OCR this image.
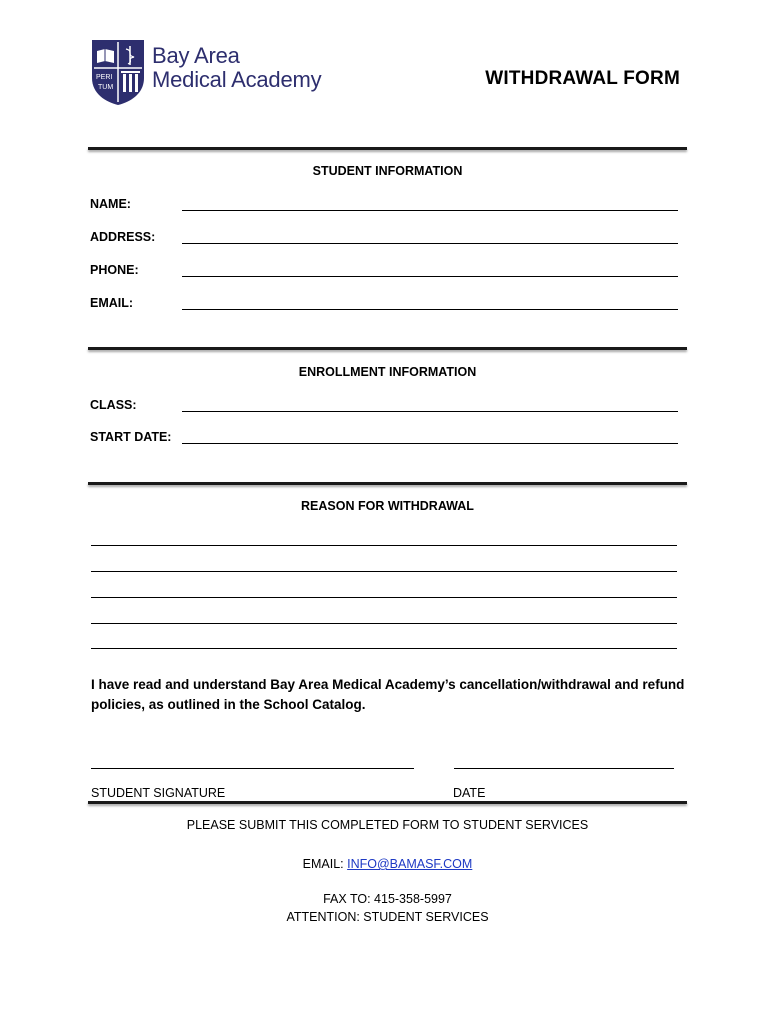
PERI
TUM
Bay Area
Medical Academy	WITHDRAWAL FORM
STUDENT INFORMATION
NAME:
ADDRESS:
PHONE:
EMAIL:
ENROLLMENT INFORMATION
CLASS:
START DATE:
REASON FOR WITHDRAWAL
I have read and understand Bay Area Medical Academy’s cancellation/withdrawal and refund policies, as outlined in the School Catalog.
STUDENT SIGNATURE	DATE
PLEASE SUBMIT THIS COMPLETED FORM TO STUDENT SERVICES
EMAIL: INFO@BAMASF.COM
FAX TO: 415-358-5997
ATTENTION: STUDENT SERVICES
